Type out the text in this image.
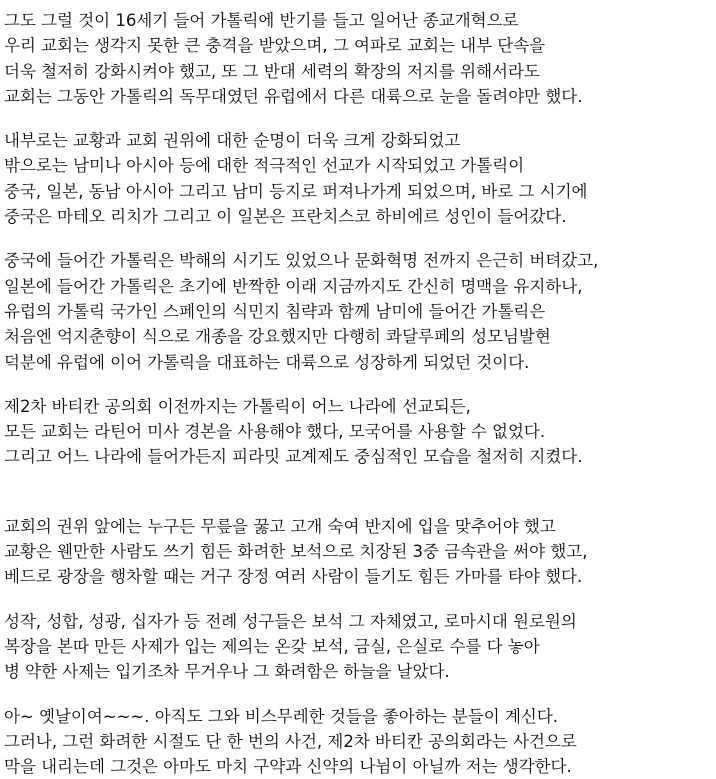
그도 그럴 것이 16세기 들어 가톨릭에 반기를 들고 일어난 종교개혁으로
우리 교회는 생각지 못한 큰 충격을 받았으며, 그 여파로 교회는 내부 단속을
더욱 철저히 강화시켜야 했고, 또 그 반대 세력의 확장의 저지를 위해서라도
교회는 그동안 가톨릭의 독무대였던 유럽에서 다른 대륙으로 눈을 돌려야만 했다.
내부로는 교황과 교회 권위에 대한 순명이 더욱 크게 강화되었고
밖으로는 남미나 아시아 등에 대한 적극적인 선교가 시작되었고 가톨릭이
중국, 일본, 동남 아시아 그리고 남미 등지로 퍼져나가게 되었으며, 바로 그 시기에
중국은 마테오 리치가 그리고 이 일본은 프란치스코 하비에르 성인이 들어갔다.
중국에 들어간 가톨릭은 박해의 시기도 있었으나 문화혁명 전까지 은근히 버텨갔고,
일본에 들어간 가톨릭은 초기에 반짝한 이래 지금까지도 간신히 명맥을 유지하나,
유럽의 가톨릭 국가인 스페인의 식민지 침략과 함께 남미에 들어간 가톨릭은
처음엔 억지춘향이 식으로 개종을 강요했지만 다행히 콰달루페의 성모님발현
덕분에 유럽에 이어 가톨릭을 대표하는 대륙으로 성장하게 되었던 것이다.
제2차 바티칸 공의회 이전까지는 가톨릭이 어느 나라에 선교되든,
모든 교회는 라틴어 미사 경본을 사용해야 했다, 모국어를 사용할 수 없었다.
그리고 어느 나라에 들어가든지 피라밋 교계제도 중심적인 모습을 철저히 지켰다.
교회의 권위 앞에는 누구든 무릎을 꿇고 고개 숙여 반지에 입을 맞추어야 했고
교황은 웬만한 사람도 쓰기 힘든 화려한 보석으로 치장된 3중 금속관을 써야 했고,
베드로 광장을 행차할 때는 거구 장정 여러 사람이 들기도 힘든 가마를 타야 했다.
성작, 성합, 성광, 십자가 등 전례 성구들은 보석 그 자체였고, 로마시대 원로원의
복장을 본따 만든 사제가 입는 제의는 온갖 보석, 금실, 은실로 수를 다 놓아
병 약한 사제는 입기조차 무거우나 그 화려함은 하늘을 날았다.
아~ 옛날이여~~~. 아직도 그와 비스무레한 것들을 좋아하는 분들이 계신다.
그러나, 그런 화려한 시절도 단 한 번의 사건, 제2차 바티칸 공의회라는 사건으로
막을 내리는데 그것은 아마도 마치 구약과 신약의 나뉨이 아닐까 저는 생각한다.
